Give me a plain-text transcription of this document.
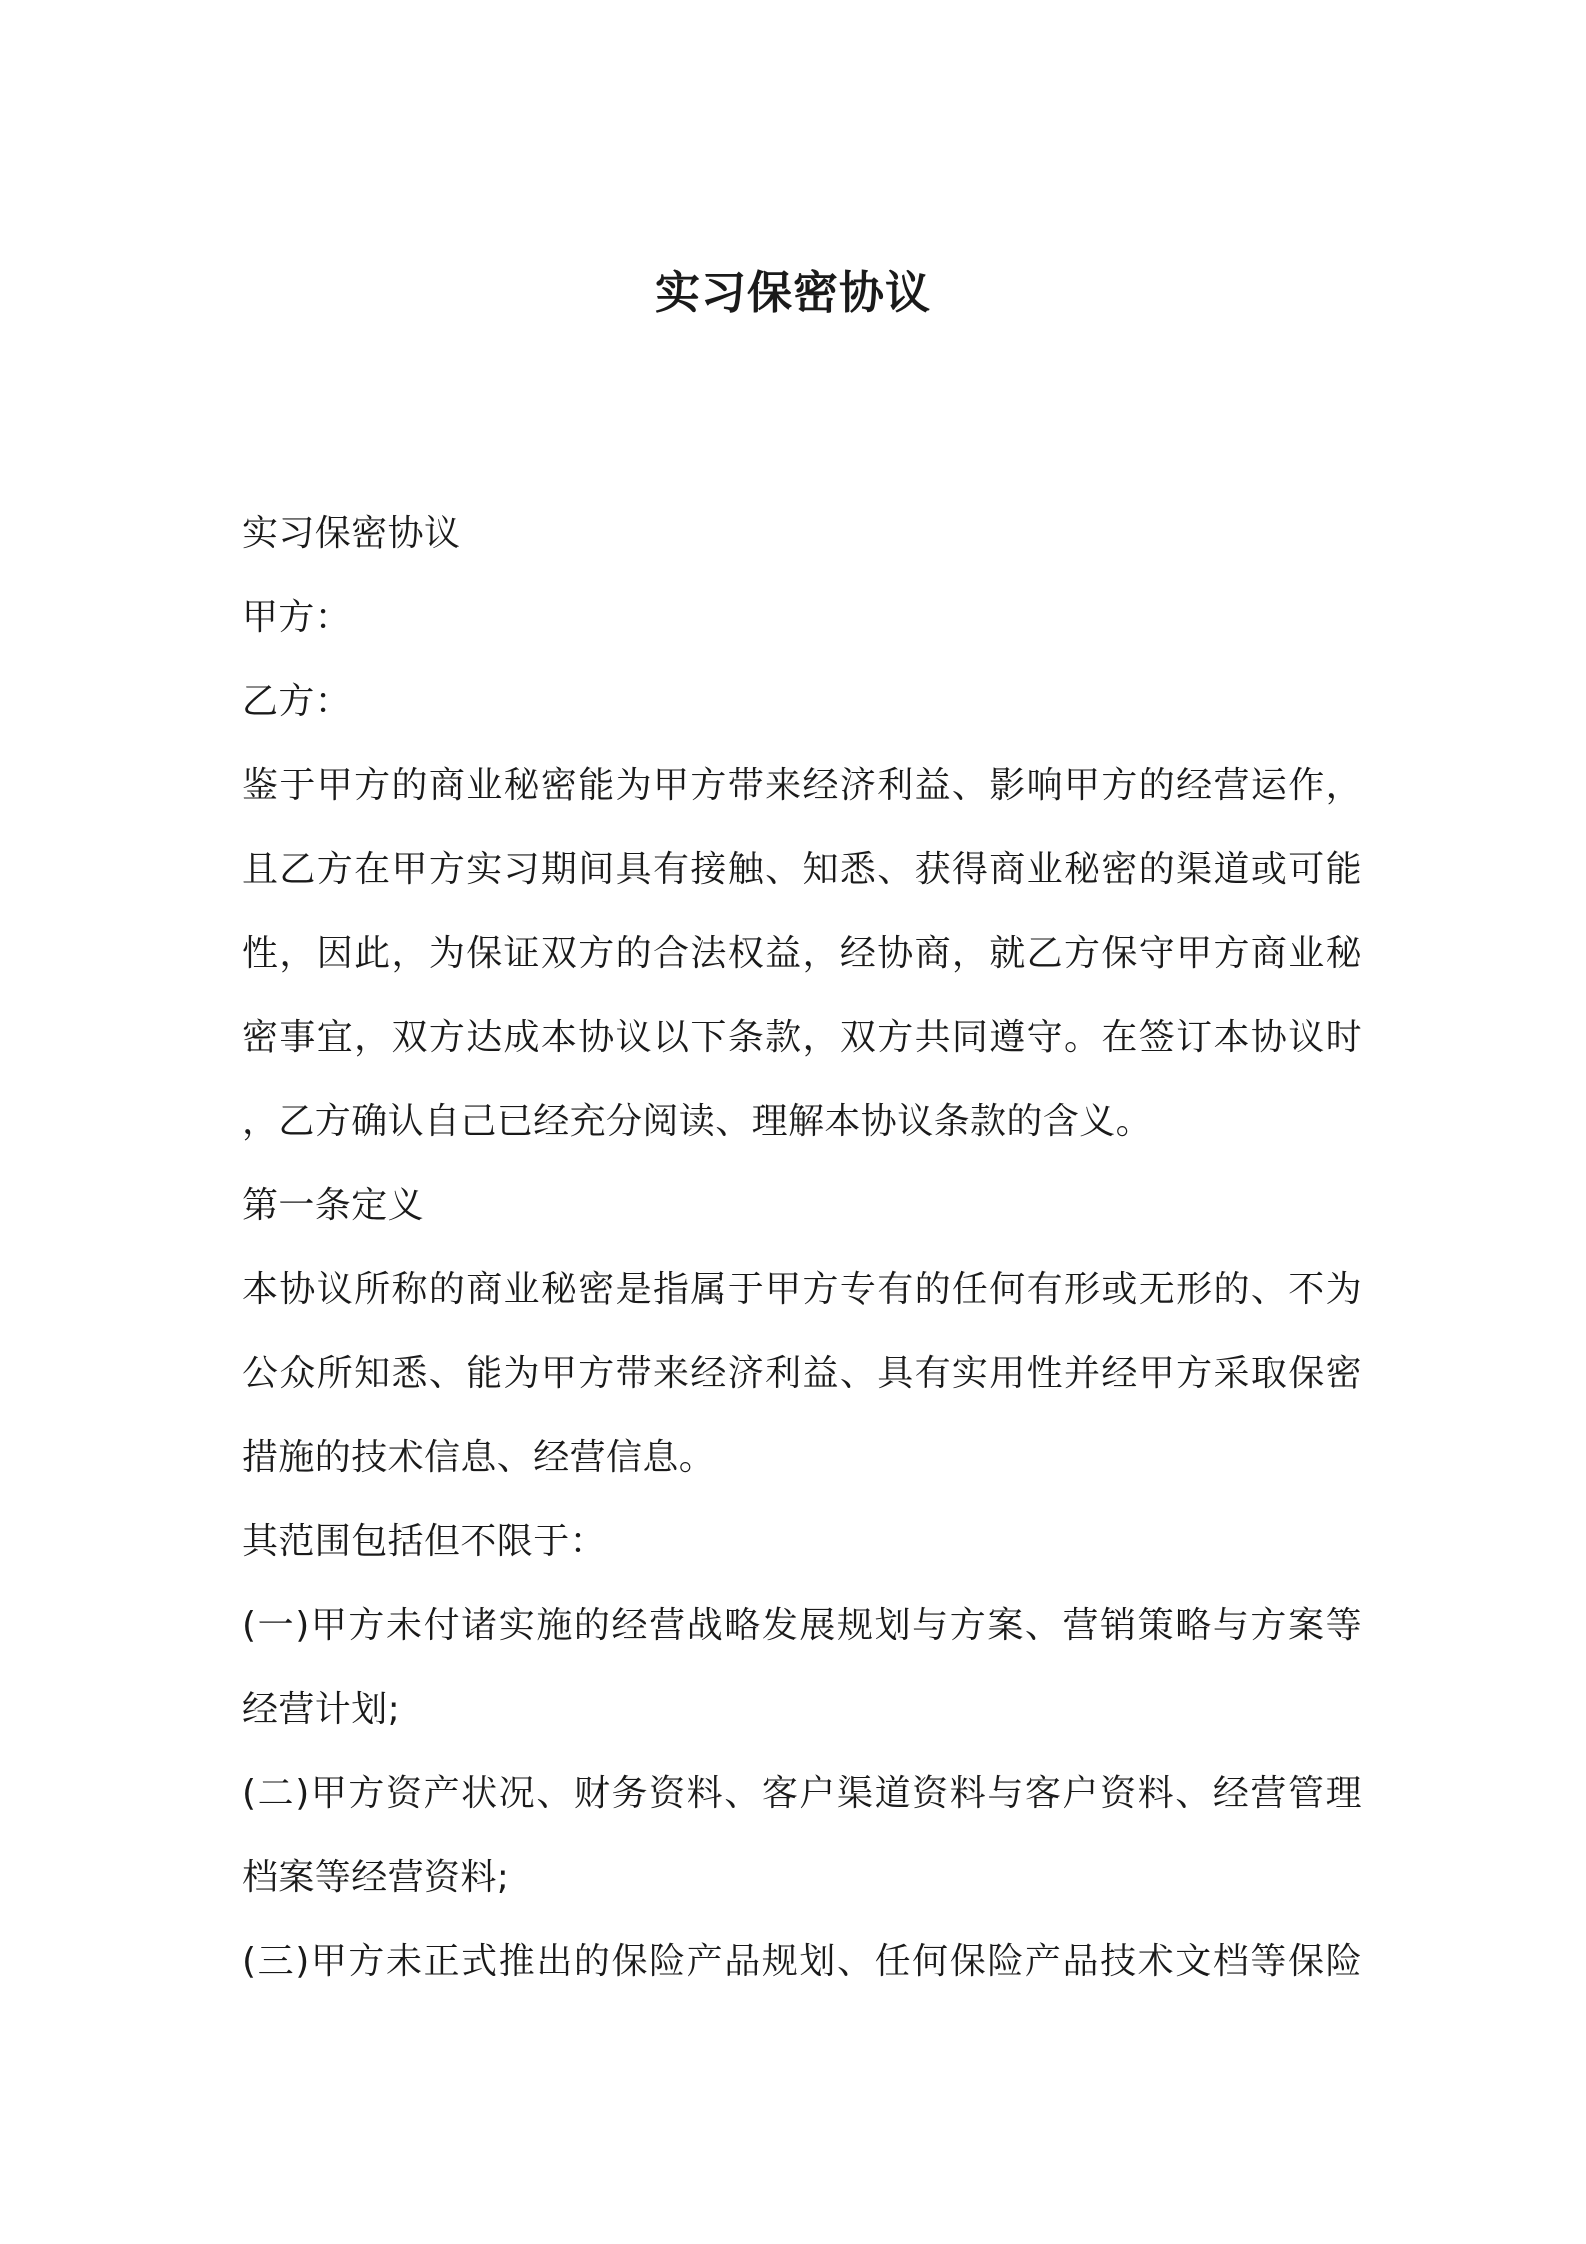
实习保密协议
实习保密协议
甲方：
乙方：
鉴于甲方的商业秘密能为甲方带来经济利益、影响甲方的经营运作，
且乙方在甲方实习期间具有接触、知悉、获得商业秘密的渠道或可能
性，因此，为保证双方的合法权益，经协商，就乙方保守甲方商业秘
密事宜，双方达成本协议以下条款，双方共同遵守。在签订本协议时
，乙方确认自己已经充分阅读、理解本协议条款的含义。
第一条定义
本协议所称的商业秘密是指属于甲方专有的任何有形或无形的、不为
公众所知悉、能为甲方带来经济利益、具有实用性并经甲方采取保密
措施的技术信息、经营信息。
其范围包括但不限于：
(一)甲方未付诸实施的经营战略发展规划与方案、营销策略与方案等
经营计划;
(二)甲方资产状况、财务资料、客户渠道资料与客户资料、经营管理
档案等经营资料;
(三)甲方未正式推出的保险产品规划、任何保险产品技术文档等保险
